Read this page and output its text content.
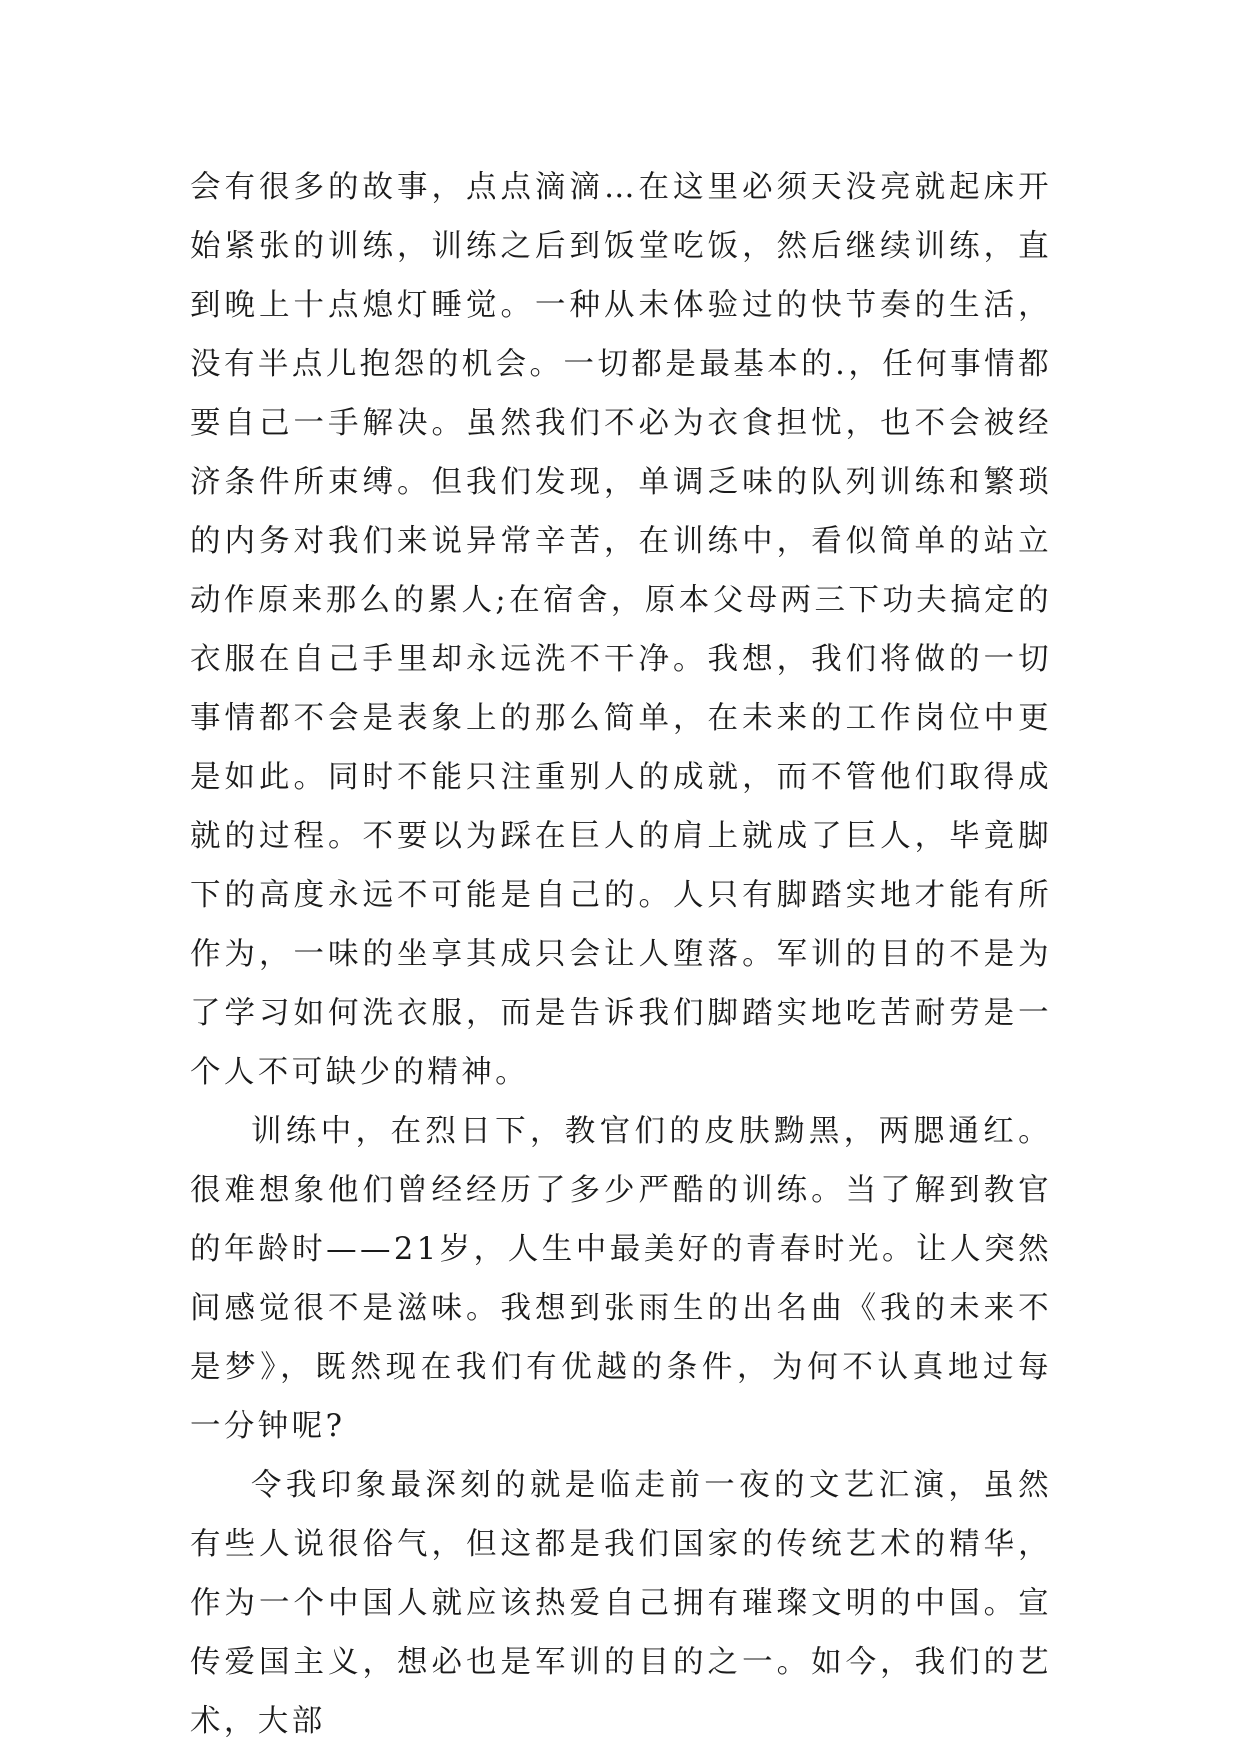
会有很多的故事，点点滴滴…在这里必须天没亮就起床开始紧张的训练，训练之后到饭堂吃饭，然后继续训练，直到晚上十点熄灯睡觉。一种从未体验过的快节奏的生活，没有半点儿抱怨的机会。一切都是最基本的.，任何事情都要自己一手解决。虽然我们不必为衣食担忧，也不会被经济条件所束缚。但我们发现，单调乏味的队列训练和繁琐的内务对我们来说异常辛苦，在训练中，看似简单的站立动作原来那么的累人;在宿舍，原本父母两三下功夫搞定的衣服在自己手里却永远洗不干净。我想，我们将做的一切事情都不会是表象上的那么简单，在未来的工作岗位中更是如此。同时不能只注重别人的成就，而不管他们取得成就的过程。不要以为踩在巨人的肩上就成了巨人，毕竟脚下的高度永远不可能是自己的。人只有脚踏实地才能有所作为，一味的坐享其成只会让人堕落。军训的目的不是为了学习如何洗衣服，而是告诉我们脚踏实地吃苦耐劳是一个人不可缺少的精神。

训练中，在烈日下，教官们的皮肤黝黑，两腮通红。很难想象他们曾经经历了多少严酷的训练。当了解到教官的年龄时——21岁，人生中最美好的青春时光。让人突然间感觉很不是滋味。我想到张雨生的出名曲《我的未来不是梦》，既然现在我们有优越的条件，为何不认真地过每一分钟呢?

令我印象最深刻的就是临走前一夜的文艺汇演，虽然有些人说很俗气，但这都是我们国家的传统艺术的精华，作为一个中国人就应该热爱自己拥有璀璨文明的中国。宣传爱国主义，想必也是军训的目的之一。如今，我们的艺术，大部
